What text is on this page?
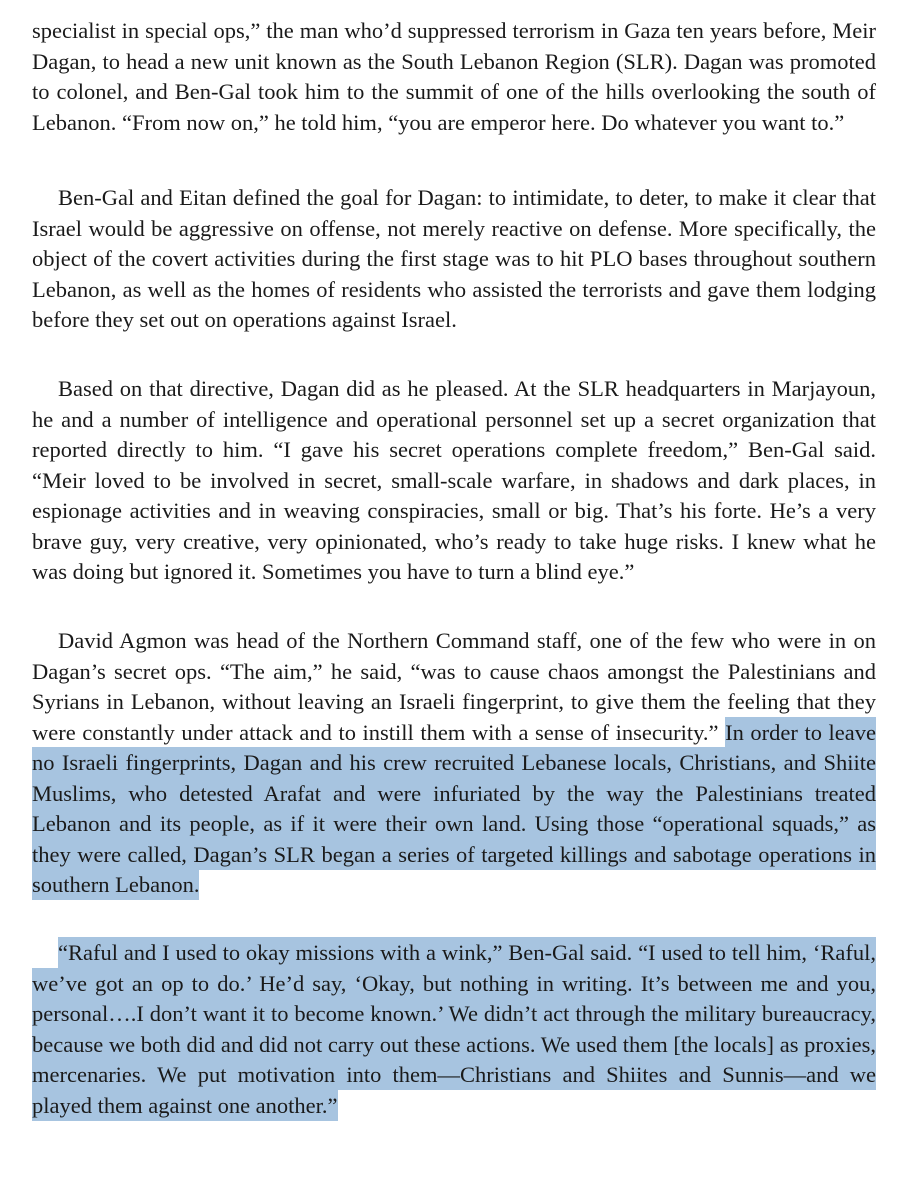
specialist in special ops,” the man who’d suppressed terrorism in Gaza ten years before, Meir Dagan, to head a new unit known as the South Lebanon Region (SLR). Dagan was promoted to colonel, and Ben-Gal took him to the summit of one of the hills overlooking the south of Lebanon. “From now on,” he told him, “you are emperor here. Do whatever you want to.”

Ben-Gal and Eitan defined the goal for Dagan: to intimidate, to deter, to make it clear that Israel would be aggressive on offense, not merely reactive on defense. More specifically, the object of the covert activities during the first stage was to hit PLO bases throughout southern Lebanon, as well as the homes of residents who assisted the terrorists and gave them lodging before they set out on operations against Israel.

Based on that directive, Dagan did as he pleased. At the SLR headquarters in Marjayoun, he and a number of intelligence and operational personnel set up a secret organization that reported directly to him. “I gave his secret operations complete freedom,” Ben-Gal said. “Meir loved to be involved in secret, small-scale warfare, in shadows and dark places, in espionage activities and in weaving conspiracies, small or big. That’s his forte. He’s a very brave guy, very creative, very opinionated, who’s ready to take huge risks. I knew what he was doing but ignored it. Sometimes you have to turn a blind eye.”

David Agmon was head of the Northern Command staff, one of the few who were in on Dagan’s secret ops. “The aim,” he said, “was to cause chaos amongst the Palestinians and Syrians in Lebanon, without leaving an Israeli fingerprint, to give them the feeling that they were constantly under attack and to instill them with a sense of insecurity.” In order to leave no Israeli fingerprints, Dagan and his crew recruited Lebanese locals, Christians, and Shiite Muslims, who detested Arafat and were infuriated by the way the Palestinians treated Lebanon and its people, as if it were their own land. Using those “operational squads,” as they were called, Dagan’s SLR began a series of targeted killings and sabotage operations in southern Lebanon.

“Raful and I used to okay missions with a wink,” Ben-Gal said. “I used to tell him, ‘Raful, we’ve got an op to do.’ He’d say, ‘Okay, but nothing in writing. It’s between me and you, personal….I don’t want it to become known.’ We didn’t act through the military bureaucracy, because we both did and did not carry out these actions. We used them [the locals] as proxies, mercenaries. We put motivation into them—Christians and Shiites and Sunnis—and we played them against one another.”
